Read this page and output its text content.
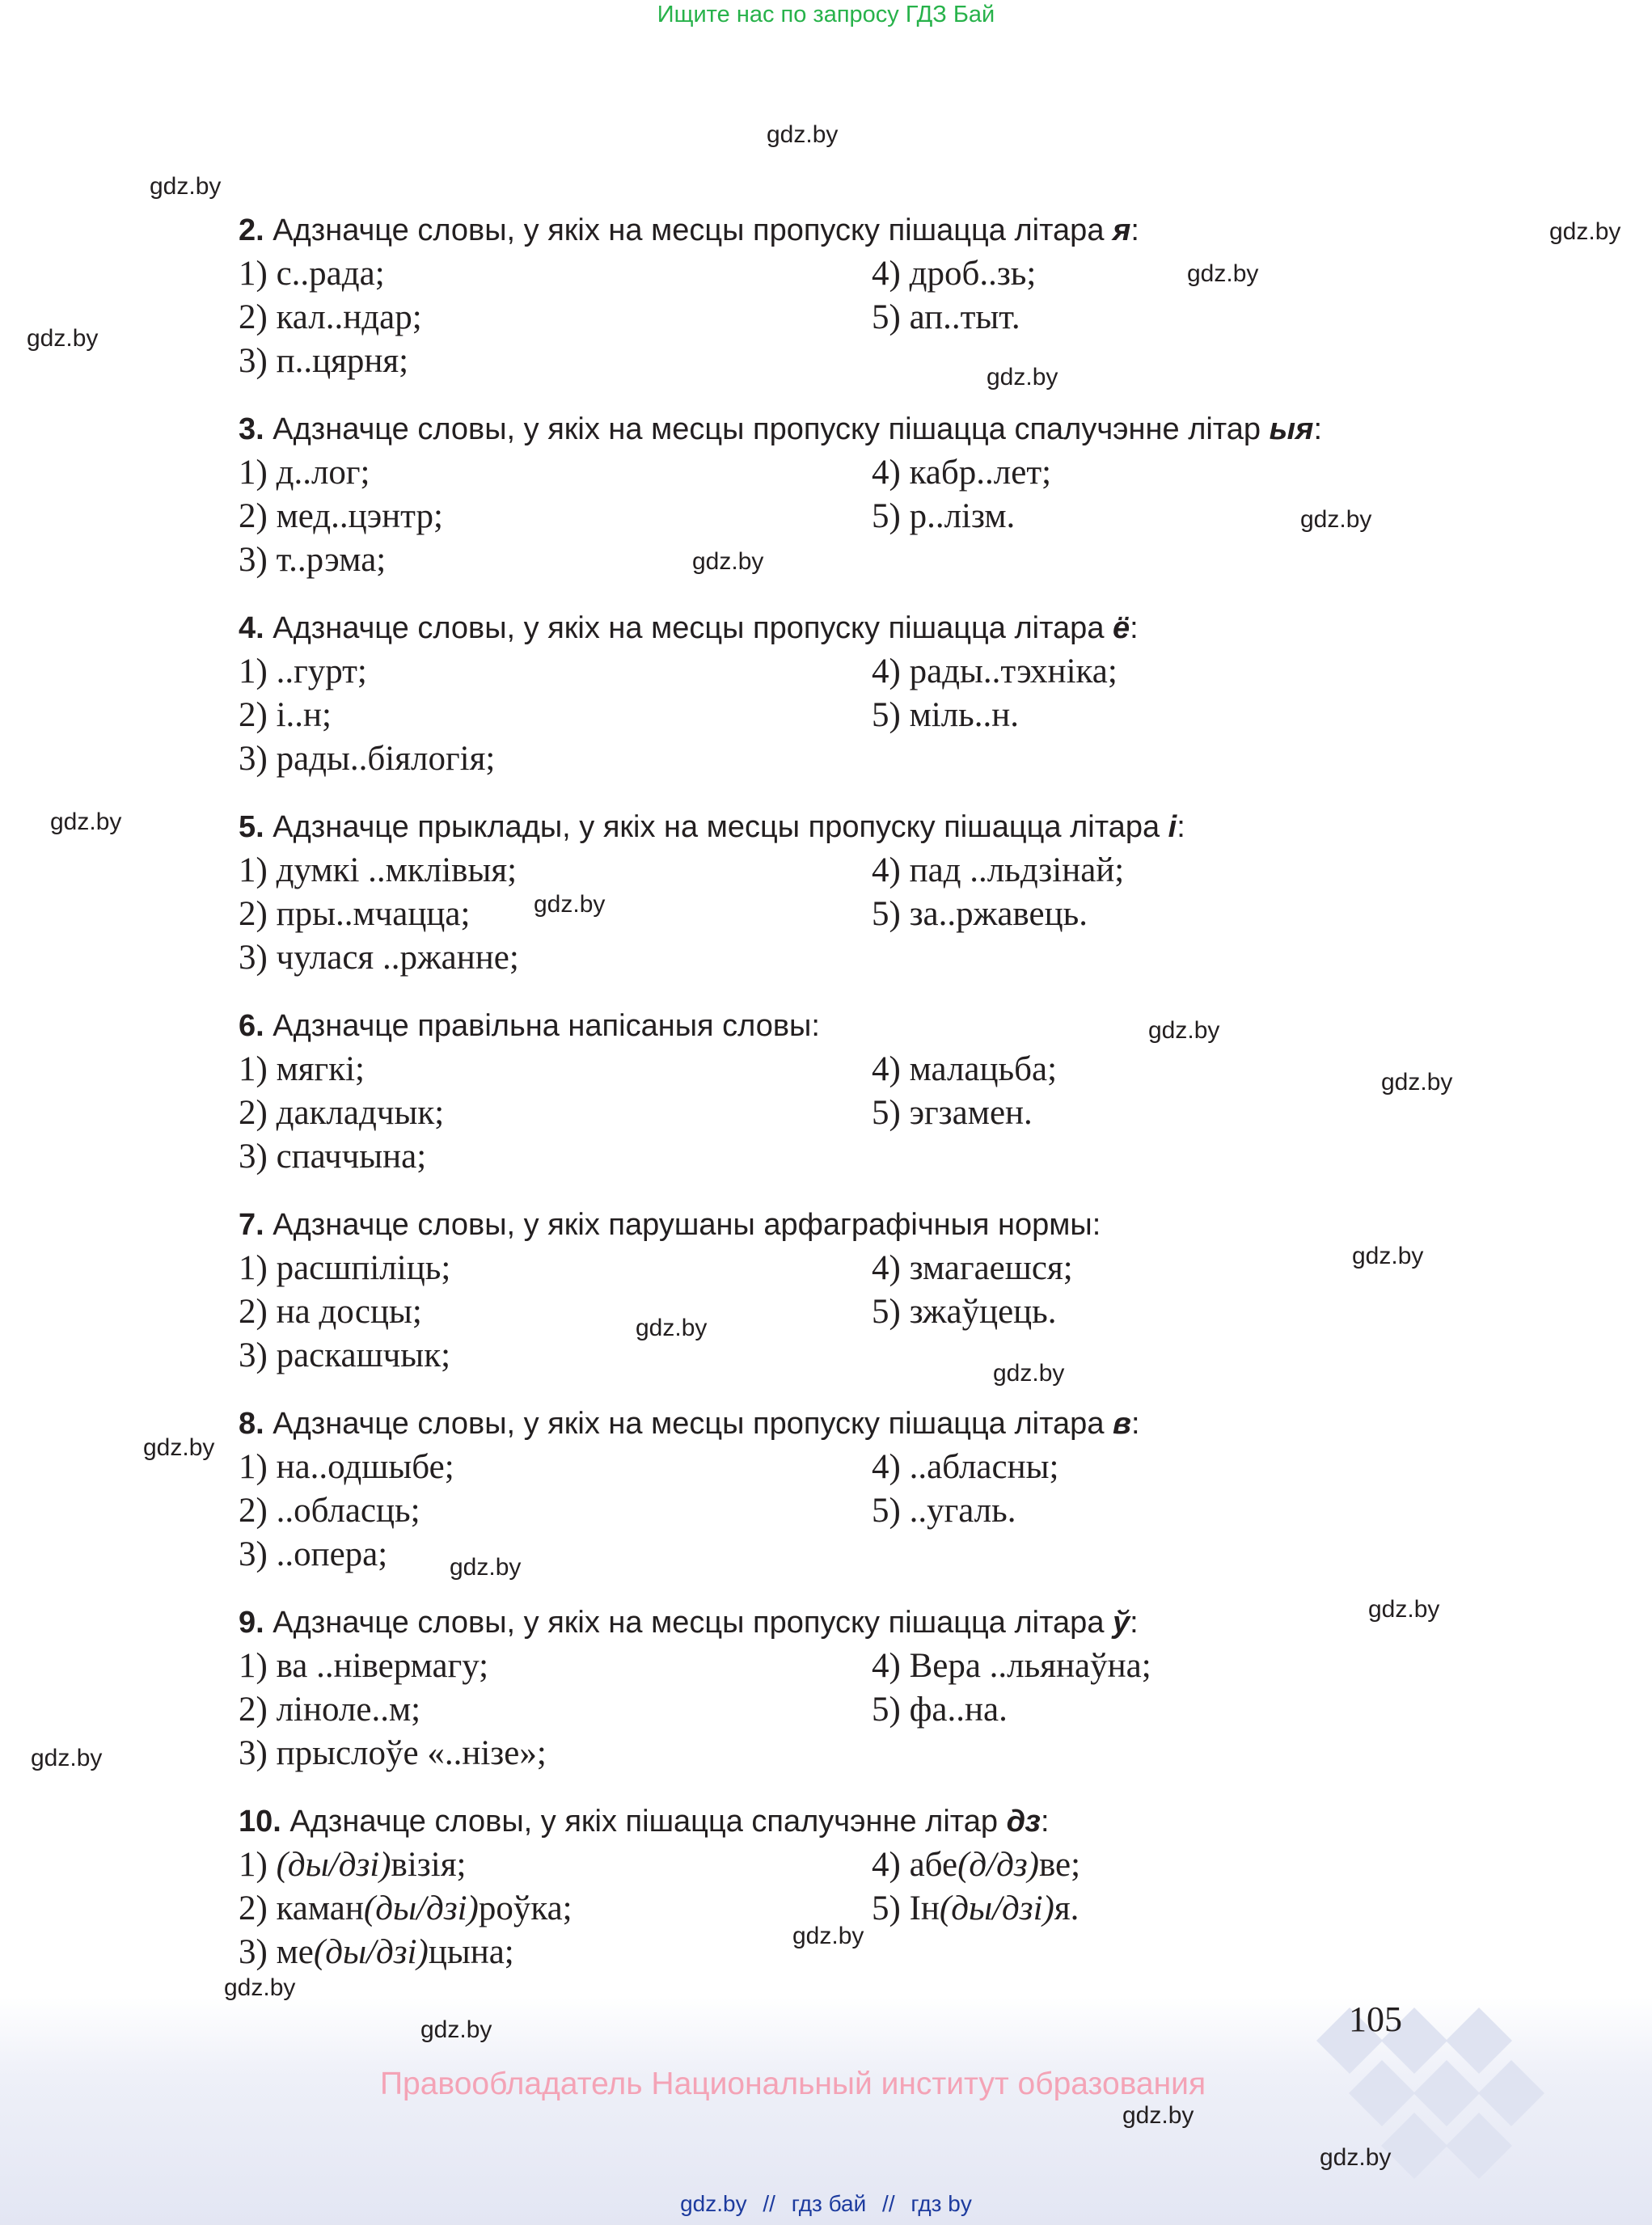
Ищите нас по запросу ГДЗ Бай
gdz.by
gdz.by
gdz.by
gdz.by
gdz.by
gdz.by
gdz.by
gdz.by
gdz.by
gdz.by
gdz.by
gdz.by
gdz.by
gdz.by
gdz.by
gdz.by
gdz.by
gdz.by
gdz.by
gdz.by
gdz.by
gdz.by
gdz.by
gdz.by
2. Адзначце словы, у якіх на месцы пропуску пішацца літара я:
1) с..рада;
2) кал..ндар;
3) п..цярня;
4) дроб..зь;
5) ап..тыт.
3. Адзначце словы, у якіх на месцы пропуску пішацца спалучэнне літар ыя:
1) д..лог;
2) мед..цэнтр;
3) т..рэма;
4) кабр..лет;
5) р..лізм.
4. Адзначце словы, у якіх на месцы пропуску пішацца літара ё:
1) ..гурт;
2) і..н;
3) рады..біялогія;
4) рады..тэхніка;
5) міль..н.
5. Адзначце прыклады, у якіх на месцы пропуску пішацца літара і:
1) думкі ..мклівыя;
2) пры..мчацца;
3) чулася ..ржанне;
4) пад ..льдзінай;
5) за..ржавець.
6. Адзначце правільна напісаныя словы:
1) мягкі;
2) дакладчык;
3) спаччына;
4) малацьба;
5) эгзамен.
7. Адзначце словы, у якіх парушаны арфаграфічныя нормы:
1) расшпіліць;
2) на досцы;
3) раскашчык;
4) змагаешся;
5) зжаўцець.
8. Адзначце словы, у якіх на месцы пропуску пішацца літара в:
1) на..одшыбе;
2) ..обласць;
3) ..опера;
4) ..абласны;
5) ..угаль.
9. Адзначце словы, у якіх на месцы пропуску пішацца літара ў:
1) ва ..нівермагу;
2) ліноле..м;
3) прыслоўе «..нізе»;
4) Вера ..льянаўна;
5) фа..на.
10. Адзначце словы, у якіх пішацца спалучэнне літар дз:
1) (ды/дзі)візія;
2) каман(ды/дзі)роўка;
3) ме(ды/дзі)цына;
4) абе(д/дз)ве;
5) Ін(ды/дзі)я.
105
Правообладатель Национальный институт образования
gdz.by // гдз бай // гдз by
